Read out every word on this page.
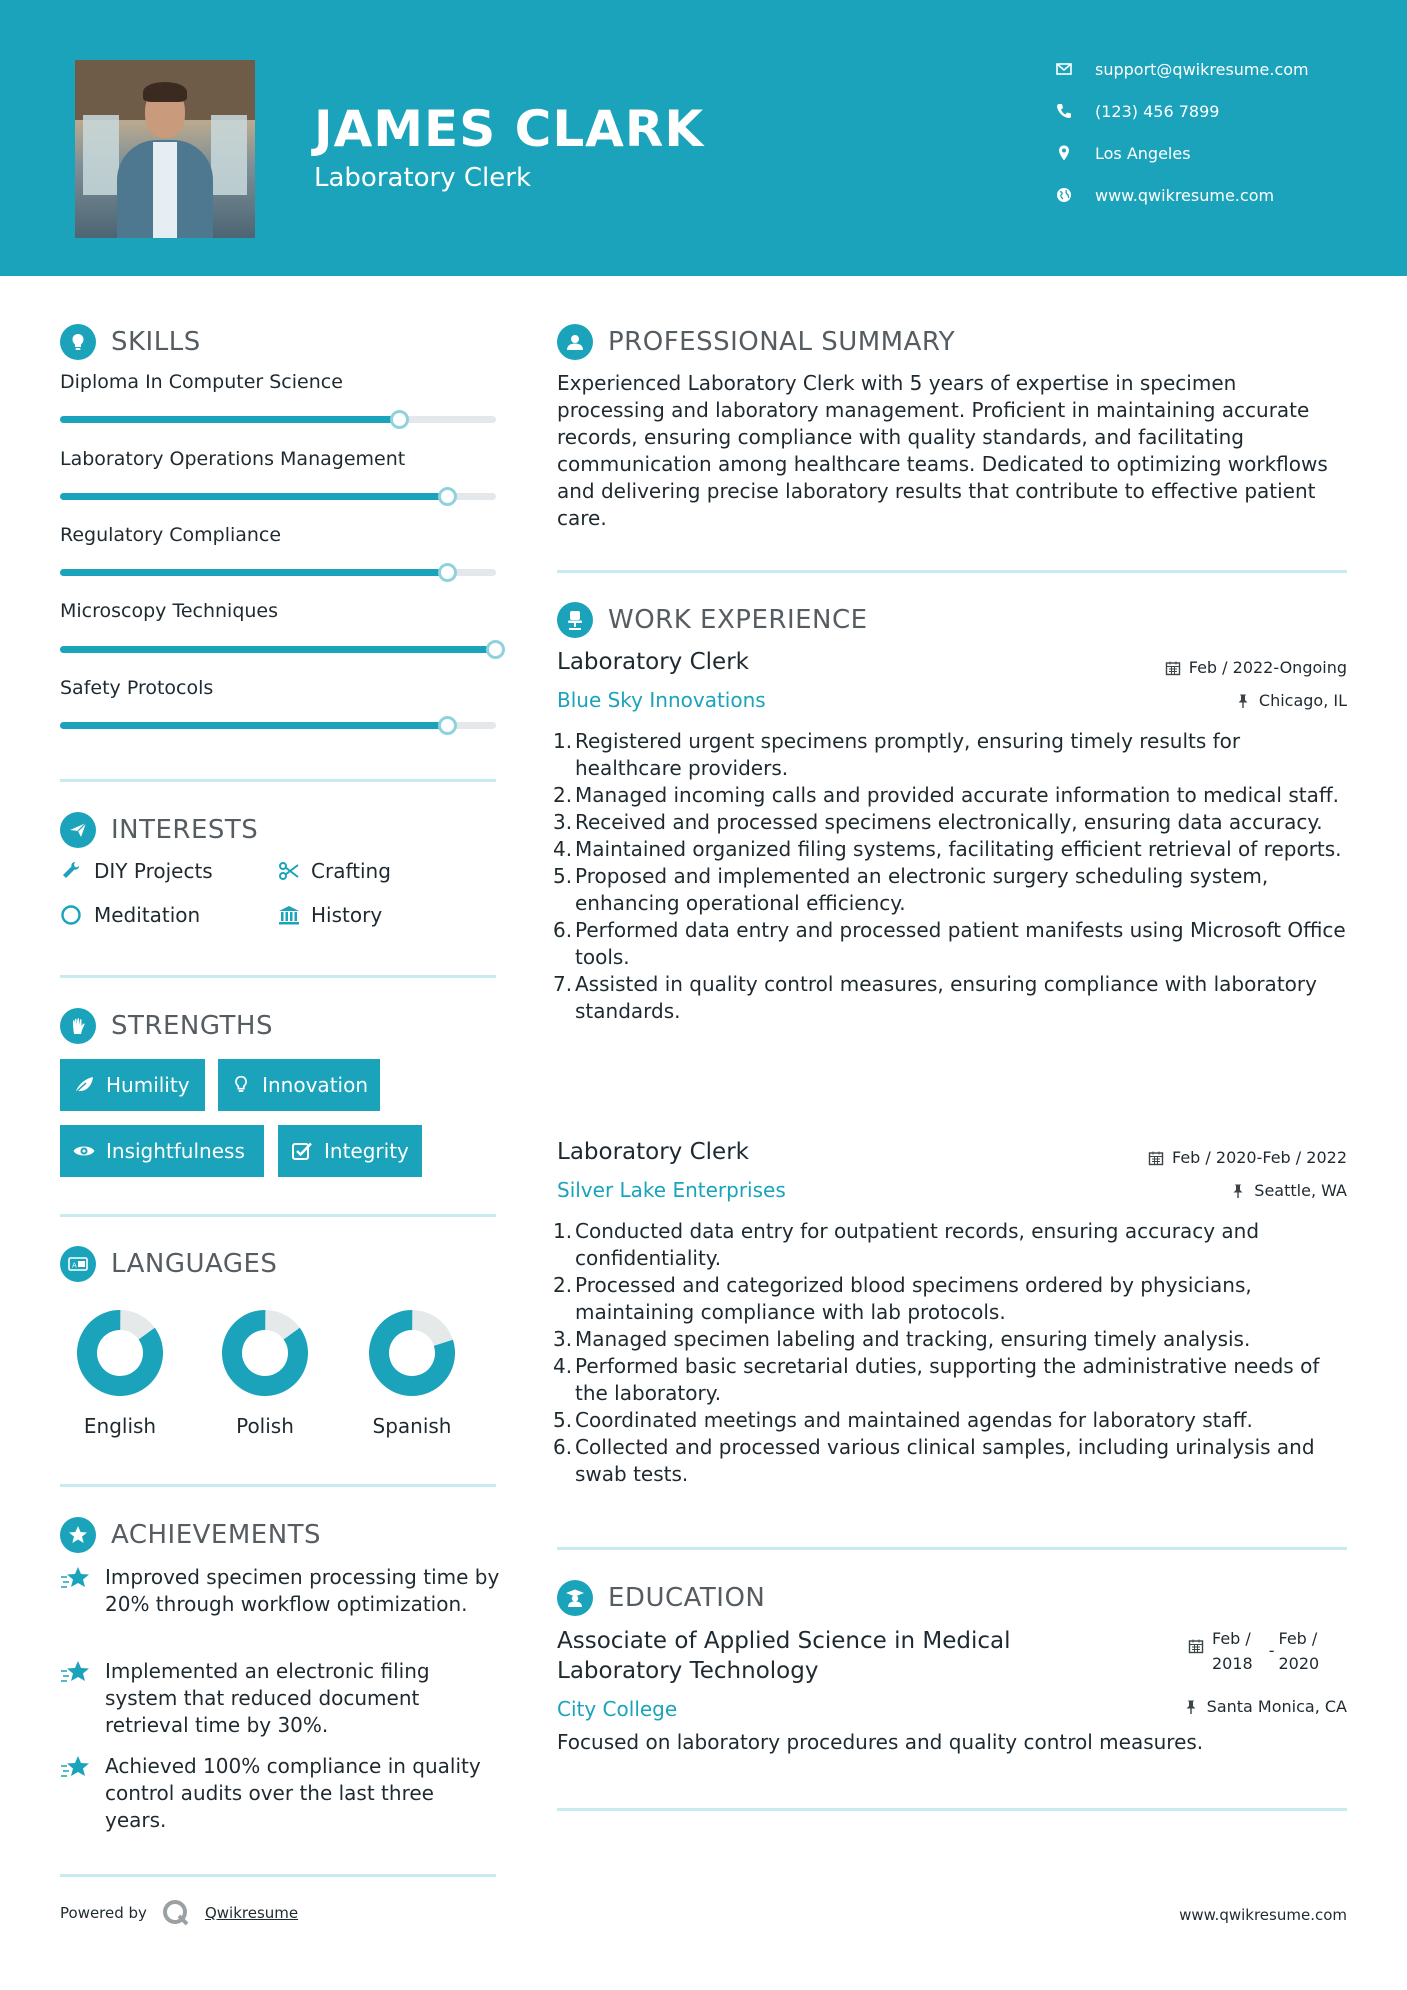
JAMES CLARK
Laboratory Clerk
support@qwikresume.com
(123) 456 7899
Los Angeles
www.qwikresume.com
SKILLS
Diploma In Computer Science
Laboratory Operations Management
Regulatory Compliance
Microscopy Techniques
Safety Protocols
INTERESTS
DIY Projects	Crafting
Meditation	History
STRENGTHS
Humility	Innovation
Insightfulness	Integrity
A LANGUAGES
English	Polish	Spanish
ACHIEVEMENTS
Improved specimen processing time by 20% through workflow optimization.
Implemented an electronic filing system that reduced document retrieval time by 30%.
Achieved 100% compliance in quality control audits over the last three years.
PROFESSIONAL SUMMARY
Experienced Laboratory Clerk with 5 years of expertise in specimen processing and laboratory management. Proficient in maintaining accurate records, ensuring compliance with quality standards, and facilitating communication among healthcare teams. Dedicated to optimizing workflows and delivering precise laboratory results that contribute to effective patient care.
WORK EXPERIENCE
Laboratory Clerk	Feb / 2022-Ongoing
Blue Sky Innovations	Chicago, IL
1. Registered urgent specimens promptly, ensuring timely results for healthcare providers.
2. Managed incoming calls and provided accurate information to medical staff.
3. Received and processed specimens electronically, ensuring data accuracy.
4. Maintained organized filing systems, facilitating efficient retrieval of reports.
5. Proposed and implemented an electronic surgery scheduling system, enhancing operational efficiency.
6. Performed data entry and processed patient manifests using Microsoft Office tools.
7. Assisted in quality control measures, ensuring compliance with laboratory standards.
Laboratory Clerk	Feb / 2020-Feb / 2022
Silver Lake Enterprises	Seattle, WA
1. Conducted data entry for outpatient records, ensuring accuracy and confidentiality.
2. Processed and categorized blood specimens ordered by physicians, maintaining compliance with lab protocols.
3. Managed specimen labeling and tracking, ensuring timely analysis.
4. Performed basic secretarial duties, supporting the administrative needs of the laboratory.
5. Coordinated meetings and maintained agendas for laboratory staff.
6. Collected and processed various clinical samples, including urinalysis and swab tests.
EDUCATION
Associate of Applied Science in Medical Laboratory Technology
Feb /
2018
-
Feb /
2020
City College	Santa Monica, CA
Focused on laboratory procedures and quality control measures.
Powered by	Qwikresume	www.qwikresume.com
